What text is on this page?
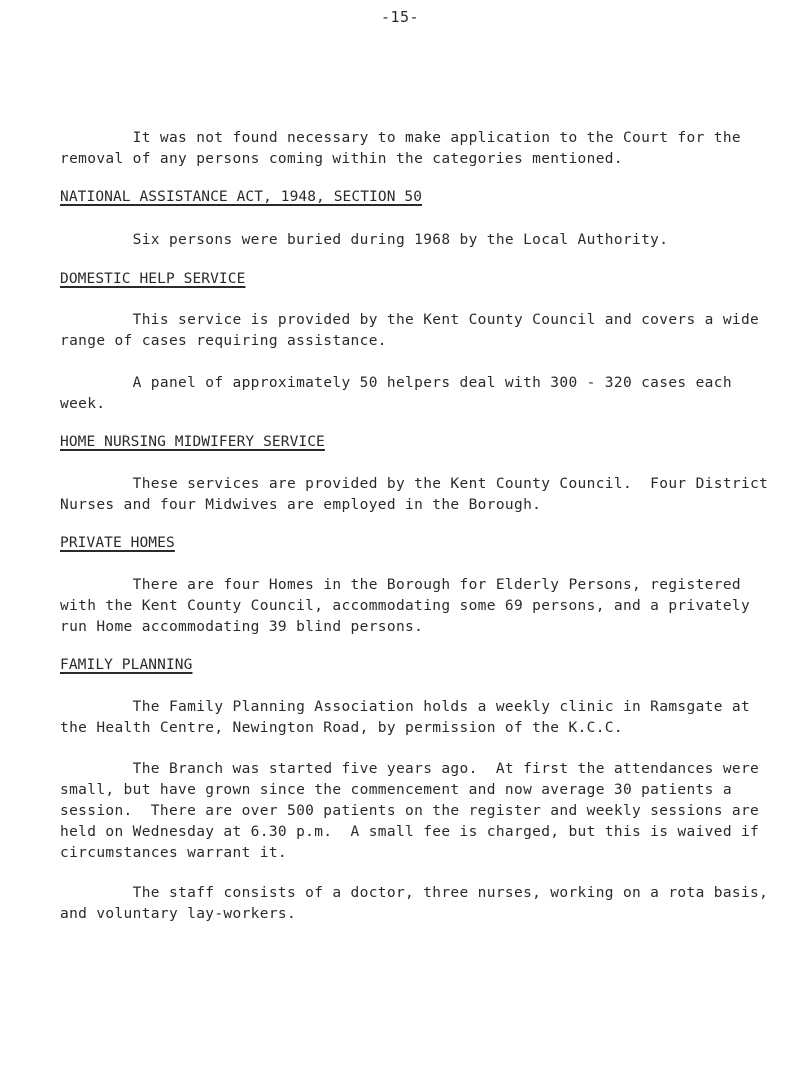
-15-
It was not found necessary to make application to the Court for the removal of any persons coming within the categories mentioned.
NATIONAL ASSISTANCE ACT, 1948, SECTION 50
Six persons were buried during 1968 by the Local Authority.
DOMESTIC HELP SERVICE
This service is provided by the Kent County Council and covers a wide range of cases requiring assistance.
A panel of approximately 50 helpers deal with 300 - 320 cases each week.
HOME NURSING MIDWIFERY SERVICE
These services are provided by the Kent County Council.  Four District Nurses and four Midwives are employed in the Borough.
PRIVATE HOMES
There are four Homes in the Borough for Elderly Persons, registered with the Kent County Council, accommodating some 69 persons, and a privately run Home accommodating 39 blind persons.
FAMILY PLANNING
The Family Planning Association holds a weekly clinic in Ramsgate at the Health Centre, Newington Road, by permission of the K.C.C.
The Branch was started five years ago.  At first the attendances were small, but have grown since the commencement and now average 30 patients a session.  There are over 500 patients on the register and weekly sessions are held on Wednesday at 6.30 p.m.  A small fee is charged, but this is waived if circumstances warrant it.
The staff consists of a doctor, three nurses, working on a rota basis, and voluntary lay-workers.
